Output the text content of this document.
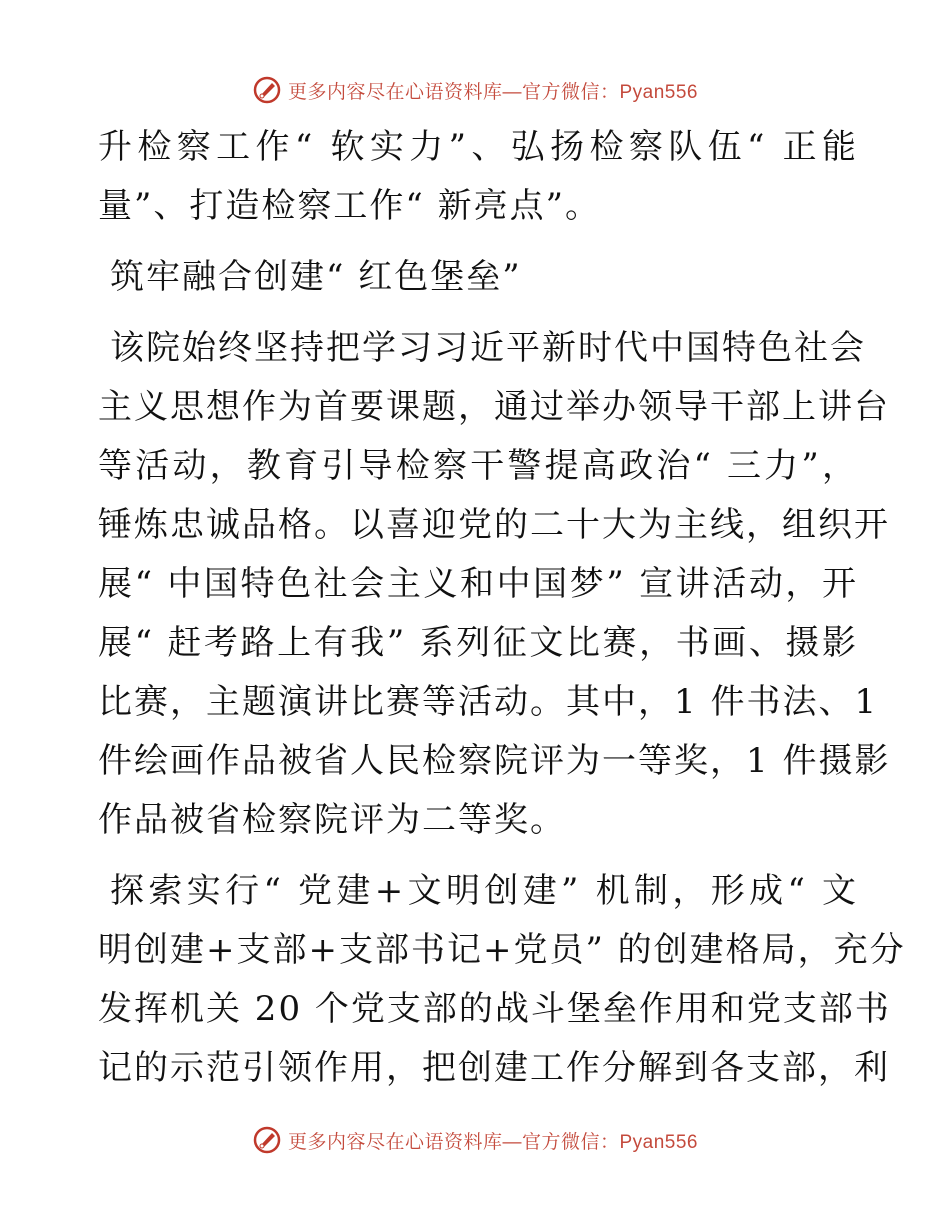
更多内容尽在心语资料库—官方微信：Pyan556
升检察工作“ 软实力”、弘扬检察队伍“ 正能
量”、打造检察工作“ 新亮点”。
筑牢融合创建“ 红色堡垒”
该院始终坚持把学习习近平新时代中国特色社会
主义思想作为首要课题，通过举办领导干部上讲台
等活动，教育引导检察干警提高政治“ 三力”，
锤炼忠诚品格。以喜迎党的二十大为主线，组织开
展“ 中国特色社会主义和中国梦” 宣讲活动，开
展“ 赶考路上有我” 系列征文比赛，书画、摄影
比赛，主题演讲比赛等活动。其中，1 件书法、1
件绘画作品被省人民检察院评为一等奖，1 件摄影
作品被省检察院评为二等奖。
探索实行“ 党建+文明创建” 机制，形成“ 文
明创建+支部+支部书记+党员” 的创建格局，充分
发挥机关 20 个党支部的战斗堡垒作用和党支部书
记的示范引领作用，把创建工作分解到各支部，利
更多内容尽在心语资料库—官方微信：Pyan556
